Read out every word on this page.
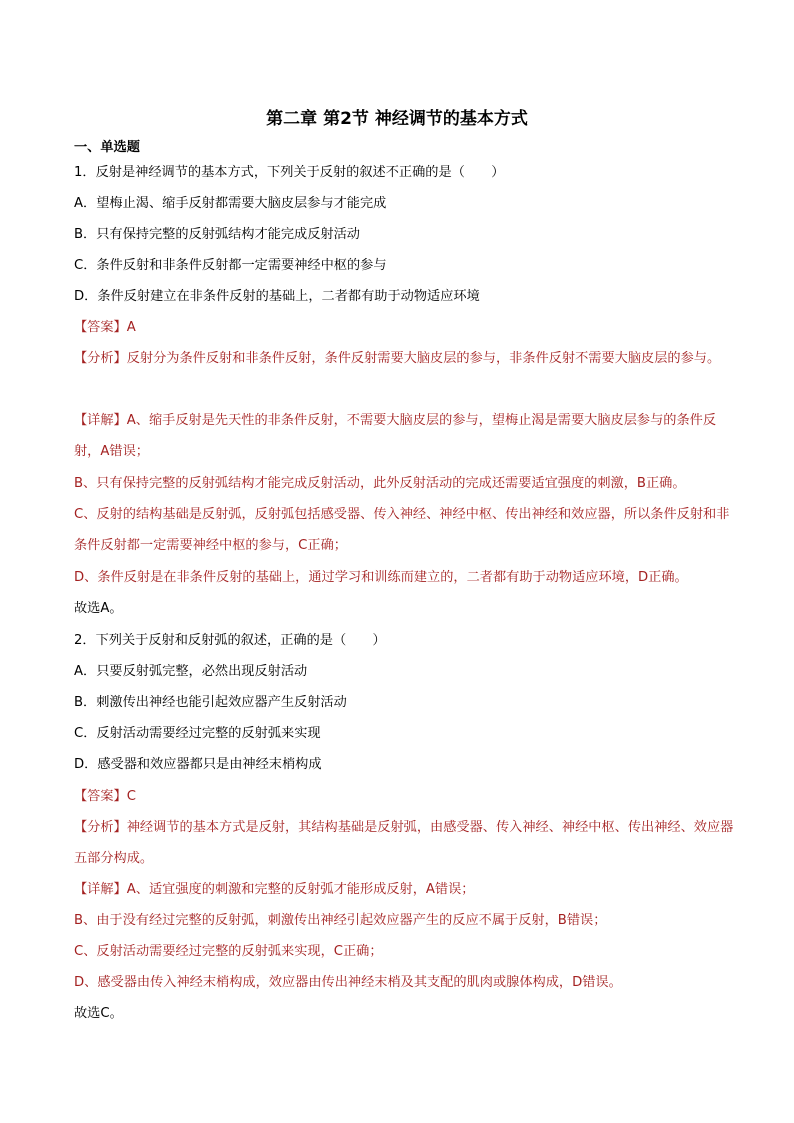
第二章 第2节 神经调节的基本方式
一、单选题
1．反射是神经调节的基本方式，下列关于反射的叙述不正确的是（　　）
A．望梅止渴、缩手反射都需要大脑皮层参与才能完成
B．只有保持完整的反射弧结构才能完成反射活动
C．条件反射和非条件反射都一定需要神经中枢的参与
D．条件反射建立在非条件反射的基础上，二者都有助于动物适应环境
【答案】A
【分析】反射分为条件反射和非条件反射，条件反射需要大脑皮层的参与，非条件反射不需要大脑皮层的参与。
【详解】A、缩手反射是先天性的非条件反射，不需要大脑皮层的参与，望梅止渴是需要大脑皮层参与的条件反射，A错误；
B、只有保持完整的反射弧结构才能完成反射活动，此外反射活动的完成还需要适宜强度的刺激，B正确。
C、反射的结构基础是反射弧，反射弧包括感受器、传入神经、神经中枢、传出神经和效应器，所以条件反射和非条件反射都一定需要神经中枢的参与，C正确；
D、条件反射是在非条件反射的基础上，通过学习和训练而建立的，二者都有助于动物适应环境，D正确。
故选A。
2．下列关于反射和反射弧的叙述，正确的是（　　）
A．只要反射弧完整，必然出现反射活动
B．刺激传出神经也能引起效应器产生反射活动
C．反射活动需要经过完整的反射弧来实现
D．感受器和效应器都只是由神经末梢构成
【答案】C
【分析】神经调节的基本方式是反射，其结构基础是反射弧，由感受器、传入神经、神经中枢、传出神经、效应器五部分构成。
【详解】A、适宜强度的刺激和完整的反射弧才能形成反射，A错误；
B、由于没有经过完整的反射弧，刺激传出神经引起效应器产生的反应不属于反射，B错误；
C、反射活动需要经过完整的反射弧来实现，C正确；
D、感受器由传入神经末梢构成，效应器由传出神经末梢及其支配的肌肉或腺体构成，D错误。
故选C。
